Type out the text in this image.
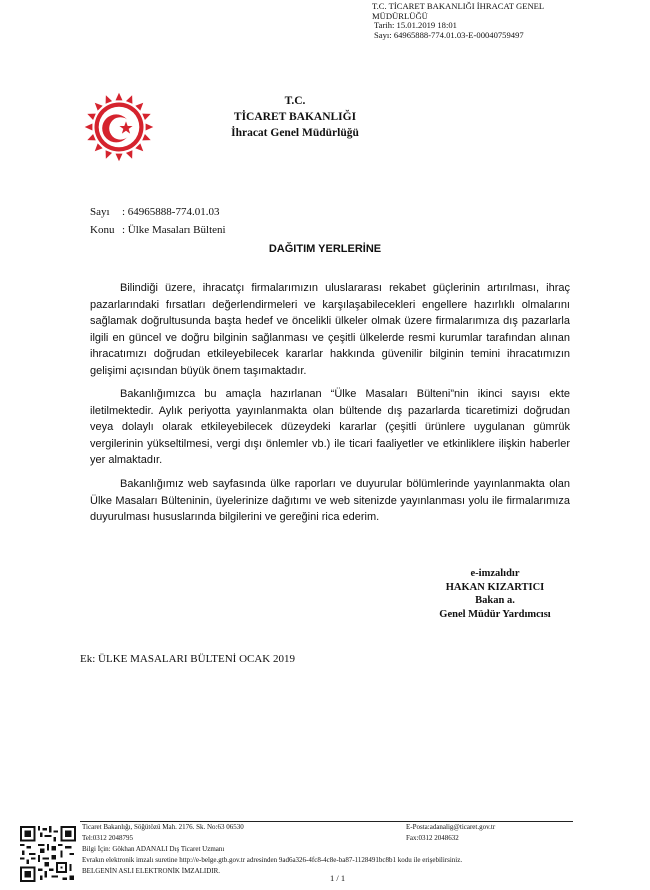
T.C. TİCARET BAKANLIĞI İHRACAT GENEL
MÜDÜRLÜĞÜ
Tarih: 15.01.2019 18:01
Sayı: 64965888-774.01.03-E-00040759497
T.C.
TİCARET BAKANLIĞI
İhracat Genel Müdürlüğü
Sayı : 64965888-774.01.03
Konu : Ülke Masaları Bülteni
DAĞITIM YERLERİNE

Bilindiği üzere, ihracatçı firmalarımızın uluslararası rekabet güçlerinin artırılması, ihraç pazarlarındaki fırsatları değerlendirmeleri ve karşılaşabilecekleri engellere hazırlıklı olmalarını sağlamak doğrultusunda başta hedef ve öncelikli ülkeler olmak üzere firmalarımıza dış pazarlarla ilgili en güncel ve doğru bilginin sağlanması ve çeşitli ülkelerde resmi kurumlar tarafından alınan ihracatımızı doğrudan etkileyebilecek kararlar hakkında güvenilir bilginin temini ihracatımızın gelişimi açısından büyük önem taşımaktadır.

Bakanlığımızca bu amaçla hazırlanan “Ülke Masaları Bülteni”nin ikinci sayısı ekte iletilmektedir. Aylık periyotta yayınlanmakta olan bültende dış pazarlarda ticaretimizi doğrudan veya dolaylı olarak etkileyebilecek düzeydeki kararlar (çeşitli ürünlere uygulanan gümrük vergilerinin yükseltilmesi, vergi dışı önlemler vb.) ile ticari faaliyetler ve etkinliklere ilişkin haberler yer almaktadır.

Bakanlığımız web sayfasında ülke raporları ve duyurular bölümlerinde yayınlanmakta olan Ülke Masaları Bülteninin, üyelerinize dağıtımı ve web sitenizde yayınlanması yolu ile firmalarımıza duyurulması hususlarında bilgilerini ve gereğini rica ederim.

e-imzalıdır
HAKAN KIZARTICI
Bakan a.
Genel Müdür Yardımcısı
Ek: ÜLKE MASALARI BÜLTENİ OCAK 2019
Ticaret Bakanlığı, Söğütözü Mah. 2176. Sk. No:63 06530	E-Posta:adanalig@ticaret.gov.tr
Tel:0312 2048795	Fax:0312 2048632
Bilgi İçin: Gökhan ADANALI Dış Ticaret Uzmanı
Evrakın elektronik imzalı suretine http://e-belge.gtb.gov.tr adresinden 9ad6a326-4fc8-4c8e-ba87-1128491bc8b1 kodu ile erişebilirsiniz.
BELGENİN ASLI ELEKTRONİK İMZALIDIR.
1 / 1
